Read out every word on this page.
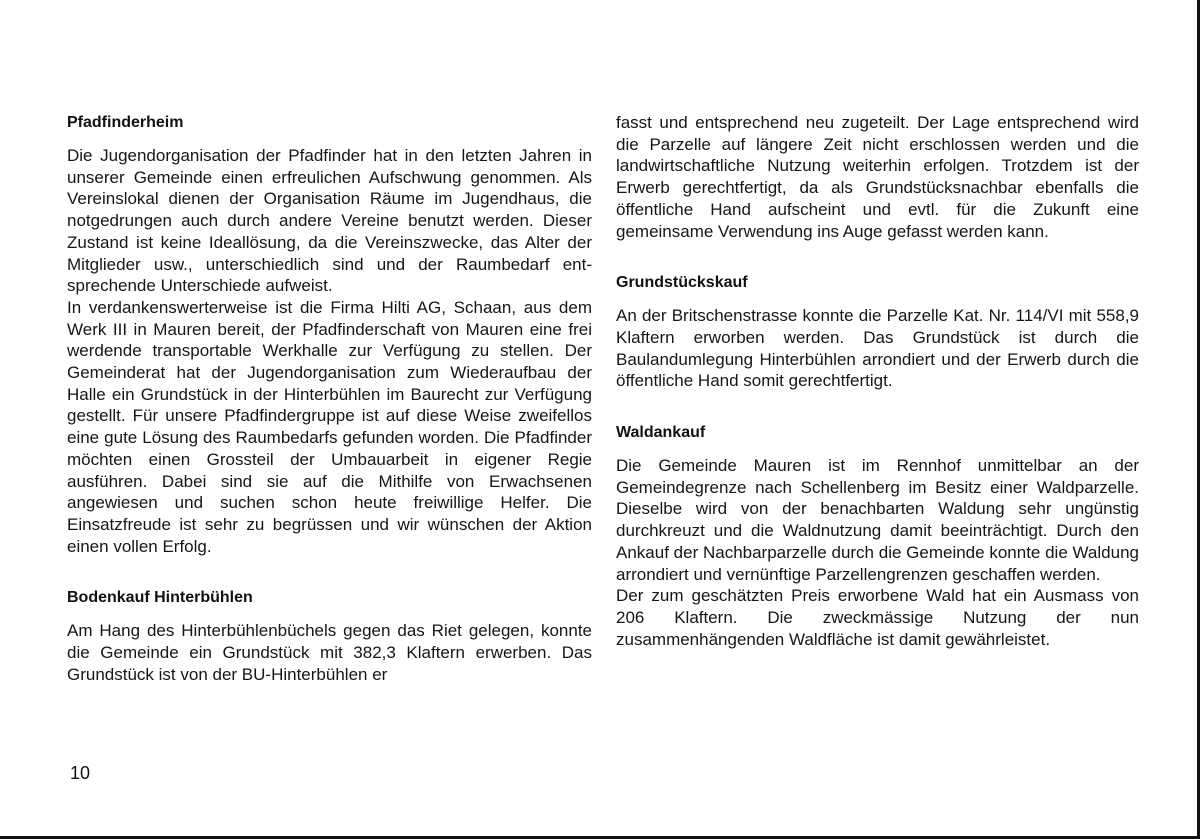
Pfadfinderheim

Die Jugendorganisation der Pfadfinder hat in den letzten Jahren in unserer Gemeinde einen erfreulichen Aufschwung genommen. Als Vereinslokal dienen der Organisation Räume im Jugendhaus, die notgedrungen auch durch andere Vereine benutzt werden. Dieser Zustand ist keine Ideallösung, da die Vereinszwecke, das Alter der Mitglieder usw., unterschiedlich sind und der Raumbedarf entsprechende Unterschiede aufweist.

In verdankenswerterweise ist die Firma Hilti AG, Schaan, aus dem Werk III in Mauren bereit, der Pfadfinderschaft von Mauren eine frei werdende transportable Werkhalle zur Verfügung zu stellen. Der Gemeinderat hat der Jugendorganisation zum Wiederaufbau der Halle ein Grundstück in der Hinterbühlen im Baurecht zur Verfügung gestellt. Für unsere Pfadfindergruppe ist auf diese Weise zweifellos eine gute Lösung des Raumbedarfs gefunden worden. Die Pfadfinder möchten einen Grossteil der Umbauarbeit in eigener Regie ausführen. Dabei sind sie auf die Mithilfe von Erwachsenen angewiesen und suchen schon heute freiwillige Helfer. Die Einsatzfreude ist sehr zu begrüssen und wir wünschen der Aktion einen vollen Erfolg.

Bodenkauf Hinterbühlen

Am Hang des Hinterbühlenbüchels gegen das Riet gelegen, konnte die Gemeinde ein Grundstück mit 382,3 Klaftern erwerben. Das Grundstück ist von der BU-Hinterbühlen er

fasst und entsprechend neu zugeteilt. Der Lage entsprechend wird die Parzelle auf längere Zeit nicht erschlossen werden und die landwirtschaftliche Nutzung weiterhin erfolgen. Trotzdem ist der Erwerb gerechtfertigt, da als Grundstücksnachbar ebenfalls die öffentliche Hand aufscheint und evtl. für die Zukunft eine gemeinsame Verwendung ins Auge gefasst werden kann.

Grundstückskauf

An der Britschenstrasse konnte die Parzelle Kat. Nr. 114/VI mit 558,9 Klaftern erworben werden. Das Grundstück ist durch die Baulandumlegung Hinterbühlen arrondiert und der Erwerb durch die öffentliche Hand somit gerechtfertigt.

Waldankauf

Die Gemeinde Mauren ist im Rennhof unmittelbar an der Gemeindegrenze nach Schellenberg im Besitz einer Waldparzelle. Dieselbe wird von der benachbarten Waldung sehr ungünstig durchkreuzt und die Waldnutzung damit beeinträchtigt. Durch den Ankauf der Nachbarparzelle durch die Gemeinde konnte die Waldung arrondiert und vernünftige Parzellengrenzen geschaffen werden.

Der zum geschätzten Preis erworbene Wald hat ein Ausmass von 206 Klaftern. Die zweckmässige Nutzung der nun zusammenhängenden Waldfläche ist damit gewährleistet.

10
